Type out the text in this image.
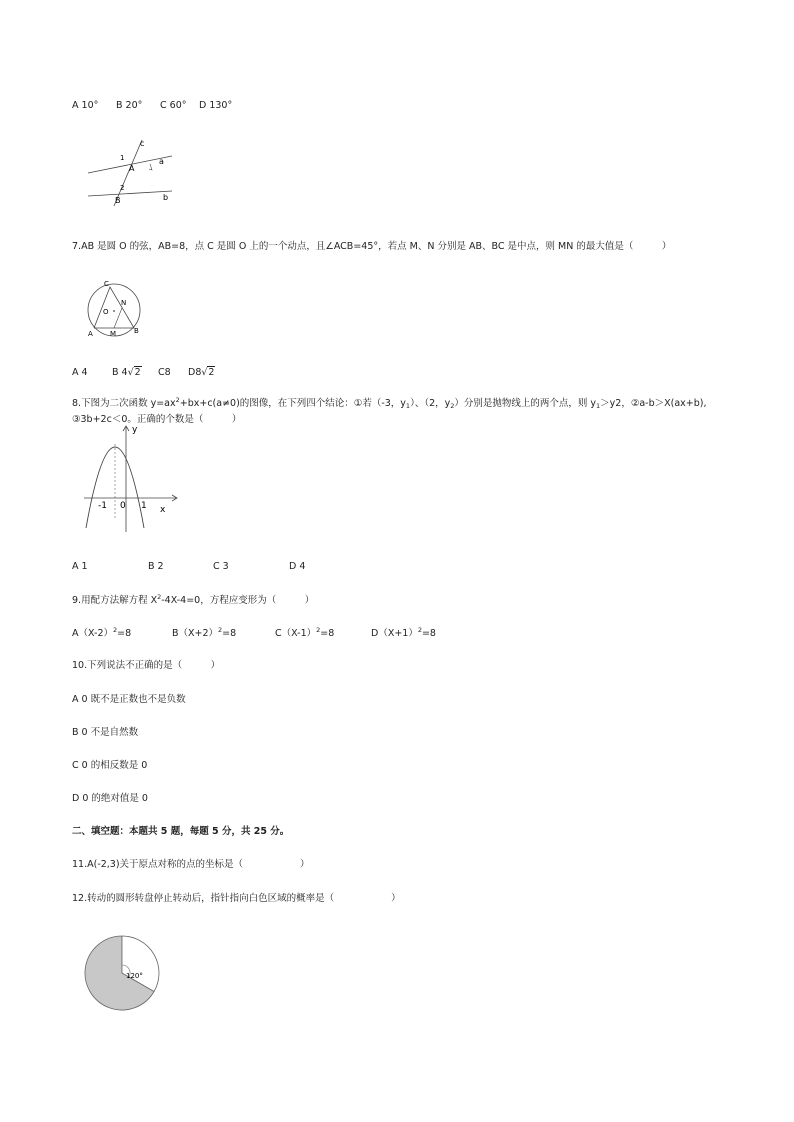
A 10° B 20° C 60° D 130°
c
a
b
1
2
A
B
7.AB 是圆 O 的弦，AB=8，点 C 是圆 O 上的一个动点，且∠ACB=45°，若点 M、N 分别是 AB、BC 是中点，则 MN 的最大值是（　　　）
C
N
O
A M	B
A 4	B 4√2 C8 D8√2
8.下图为二次函数 $y=ax^2+bx+c(a\ne 0)$的图像，在下列四个结论：①若（-3，$y_1$）、（2，$y_2$）分别是抛物线上的两个点，则 $y_1>y2$，②a-b＞X(ax+b),
③3b+2c＜0。正确的个数是（　　　）
y
x
-1 0 1
A 1	B 2	C 3	D 4
9.用配方法解方程 $X^2-4X-4=0$，方程应变形为（　　　）
$A(X-2)^2=8$	$B(X+2)^2=8$	$C(X-1)^2=8$	$D(X+1)^2=8$
10.下列说法不正确的是（　　　）
A 0 既不是正数也不是负数
B 0 不是自然数
C 0 的相反数是 0
D 0 的绝对值是 0
二、填空题：本题共 5 题，每题 5 分，共 25 分。
11.A(-2,3)关于原点对称的点的坐标是（　　　　　　）
12.转动的圆形转盘停止转动后，指针指向白色区域的概率是（　　　　　　）
120°
